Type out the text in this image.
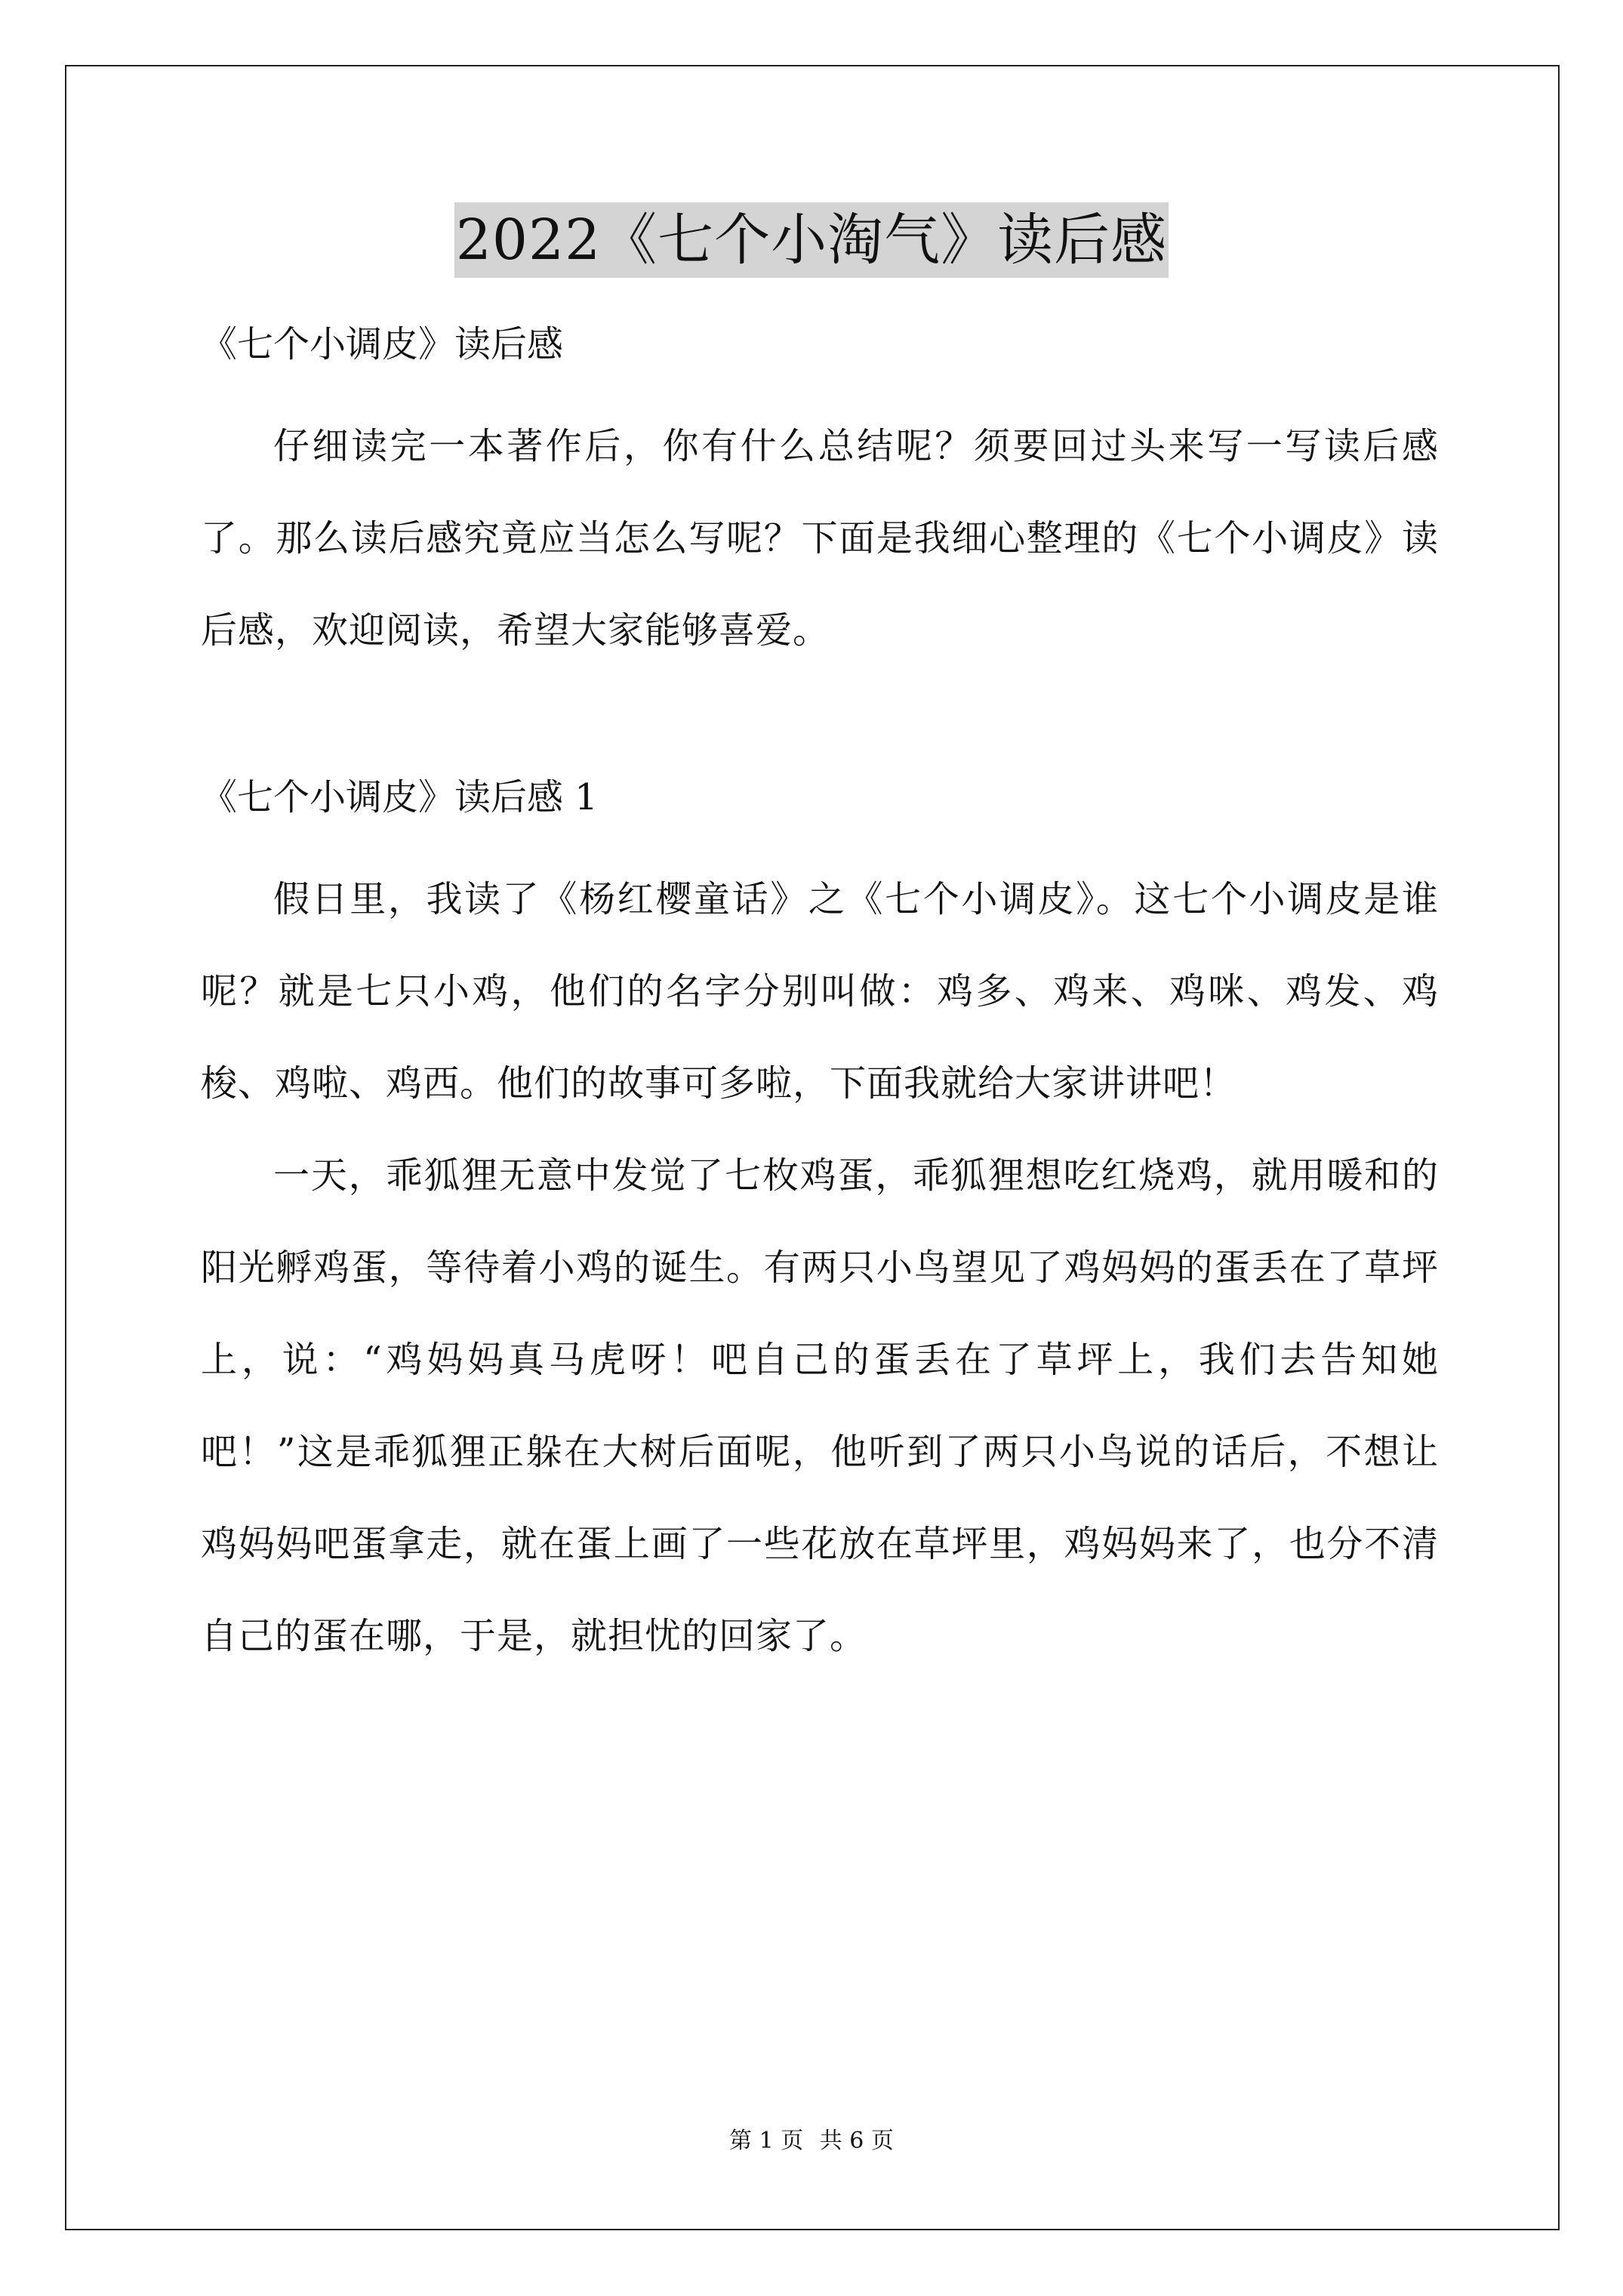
2022《七个小淘气》读后感

《七个小调皮》读后感

仔细读完一本著作后，你有什么总结呢？须要回过头来写一写读后感了。那么读后感究竟应当怎么写呢？下面是我细心整理的《七个小调皮》读后感，欢迎阅读，希望大家能够喜爱。

《七个小调皮》读后感 1

假日里，我读了《杨红樱童话》之《七个小调皮》。这七个小调皮是谁呢？就是七只小鸡，他们的名字分别叫做：鸡多、鸡来、鸡咪、鸡发、鸡梭、鸡啦、鸡西。他们的故事可多啦，下面我就给大家讲讲吧！

一天，乖狐狸无意中发觉了七枚鸡蛋，乖狐狸想吃红烧鸡，就用暖和的阳光孵鸡蛋，等待着小鸡的诞生。有两只小鸟望见了鸡妈妈的蛋丢在了草坪上，说：“鸡妈妈真马虎呀！吧自己的蛋丢在了草坪上，我们去告知她吧！”这是乖狐狸正躲在大树后面呢，他听到了两只小鸟说的话后，不想让鸡妈妈吧蛋拿走，就在蛋上画了一些花放在草坪里，鸡妈妈来了，也分不清自己的蛋在哪，于是，就担忧的回家了。

第 1 页 共 6 页
